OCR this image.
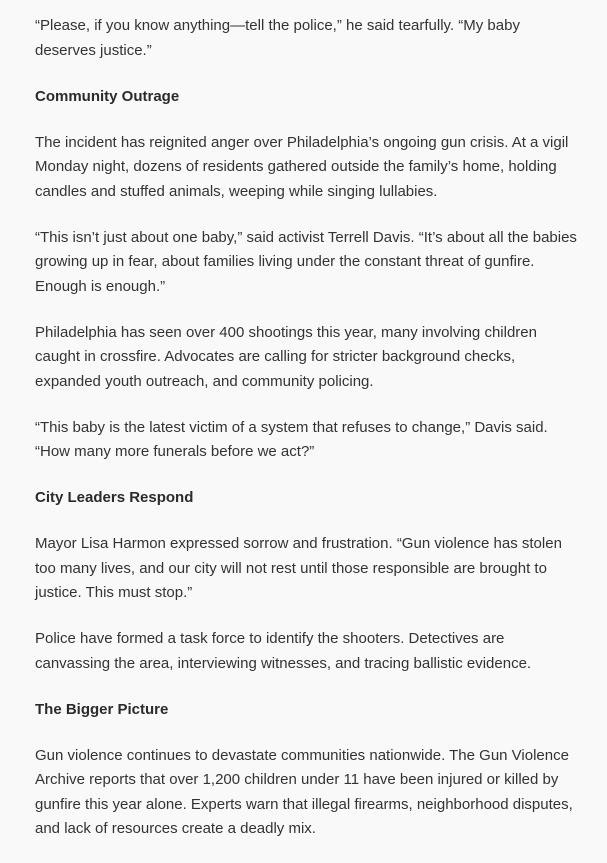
“Please, if you know anything—tell the police,” he said tearfully. “My baby deserves justice.”

Community Outrage

The incident has reignited anger over Philadelphia’s ongoing gun crisis. At a vigil Monday night, dozens of residents gathered outside the family’s home, holding candles and stuffed animals, weeping while singing lullabies.

“This isn’t just about one baby,” said activist Terrell Davis. “It’s about all the babies growing up in fear, about families living under the constant threat of gunfire. Enough is enough.”

Philadelphia has seen over 400 shootings this year, many involving children caught in crossfire. Advocates are calling for stricter background checks, expanded youth outreach, and community policing.

“This baby is the latest victim of a system that refuses to change,” Davis said. “How many more funerals before we act?”

City Leaders Respond

Mayor Lisa Harmon expressed sorrow and frustration. “Gun violence has stolen too many lives, and our city will not rest until those responsible are brought to justice. This must stop.”

Police have formed a task force to identify the shooters. Detectives are canvassing the area, interviewing witnesses, and tracing ballistic evidence.

The Bigger Picture

Gun violence continues to devastate communities nationwide. The Gun Violence Archive reports that over 1,200 children under 11 have been injured or killed by gunfire this year alone. Experts warn that illegal firearms, neighborhood disputes, and lack of resources create a deadly mix.
